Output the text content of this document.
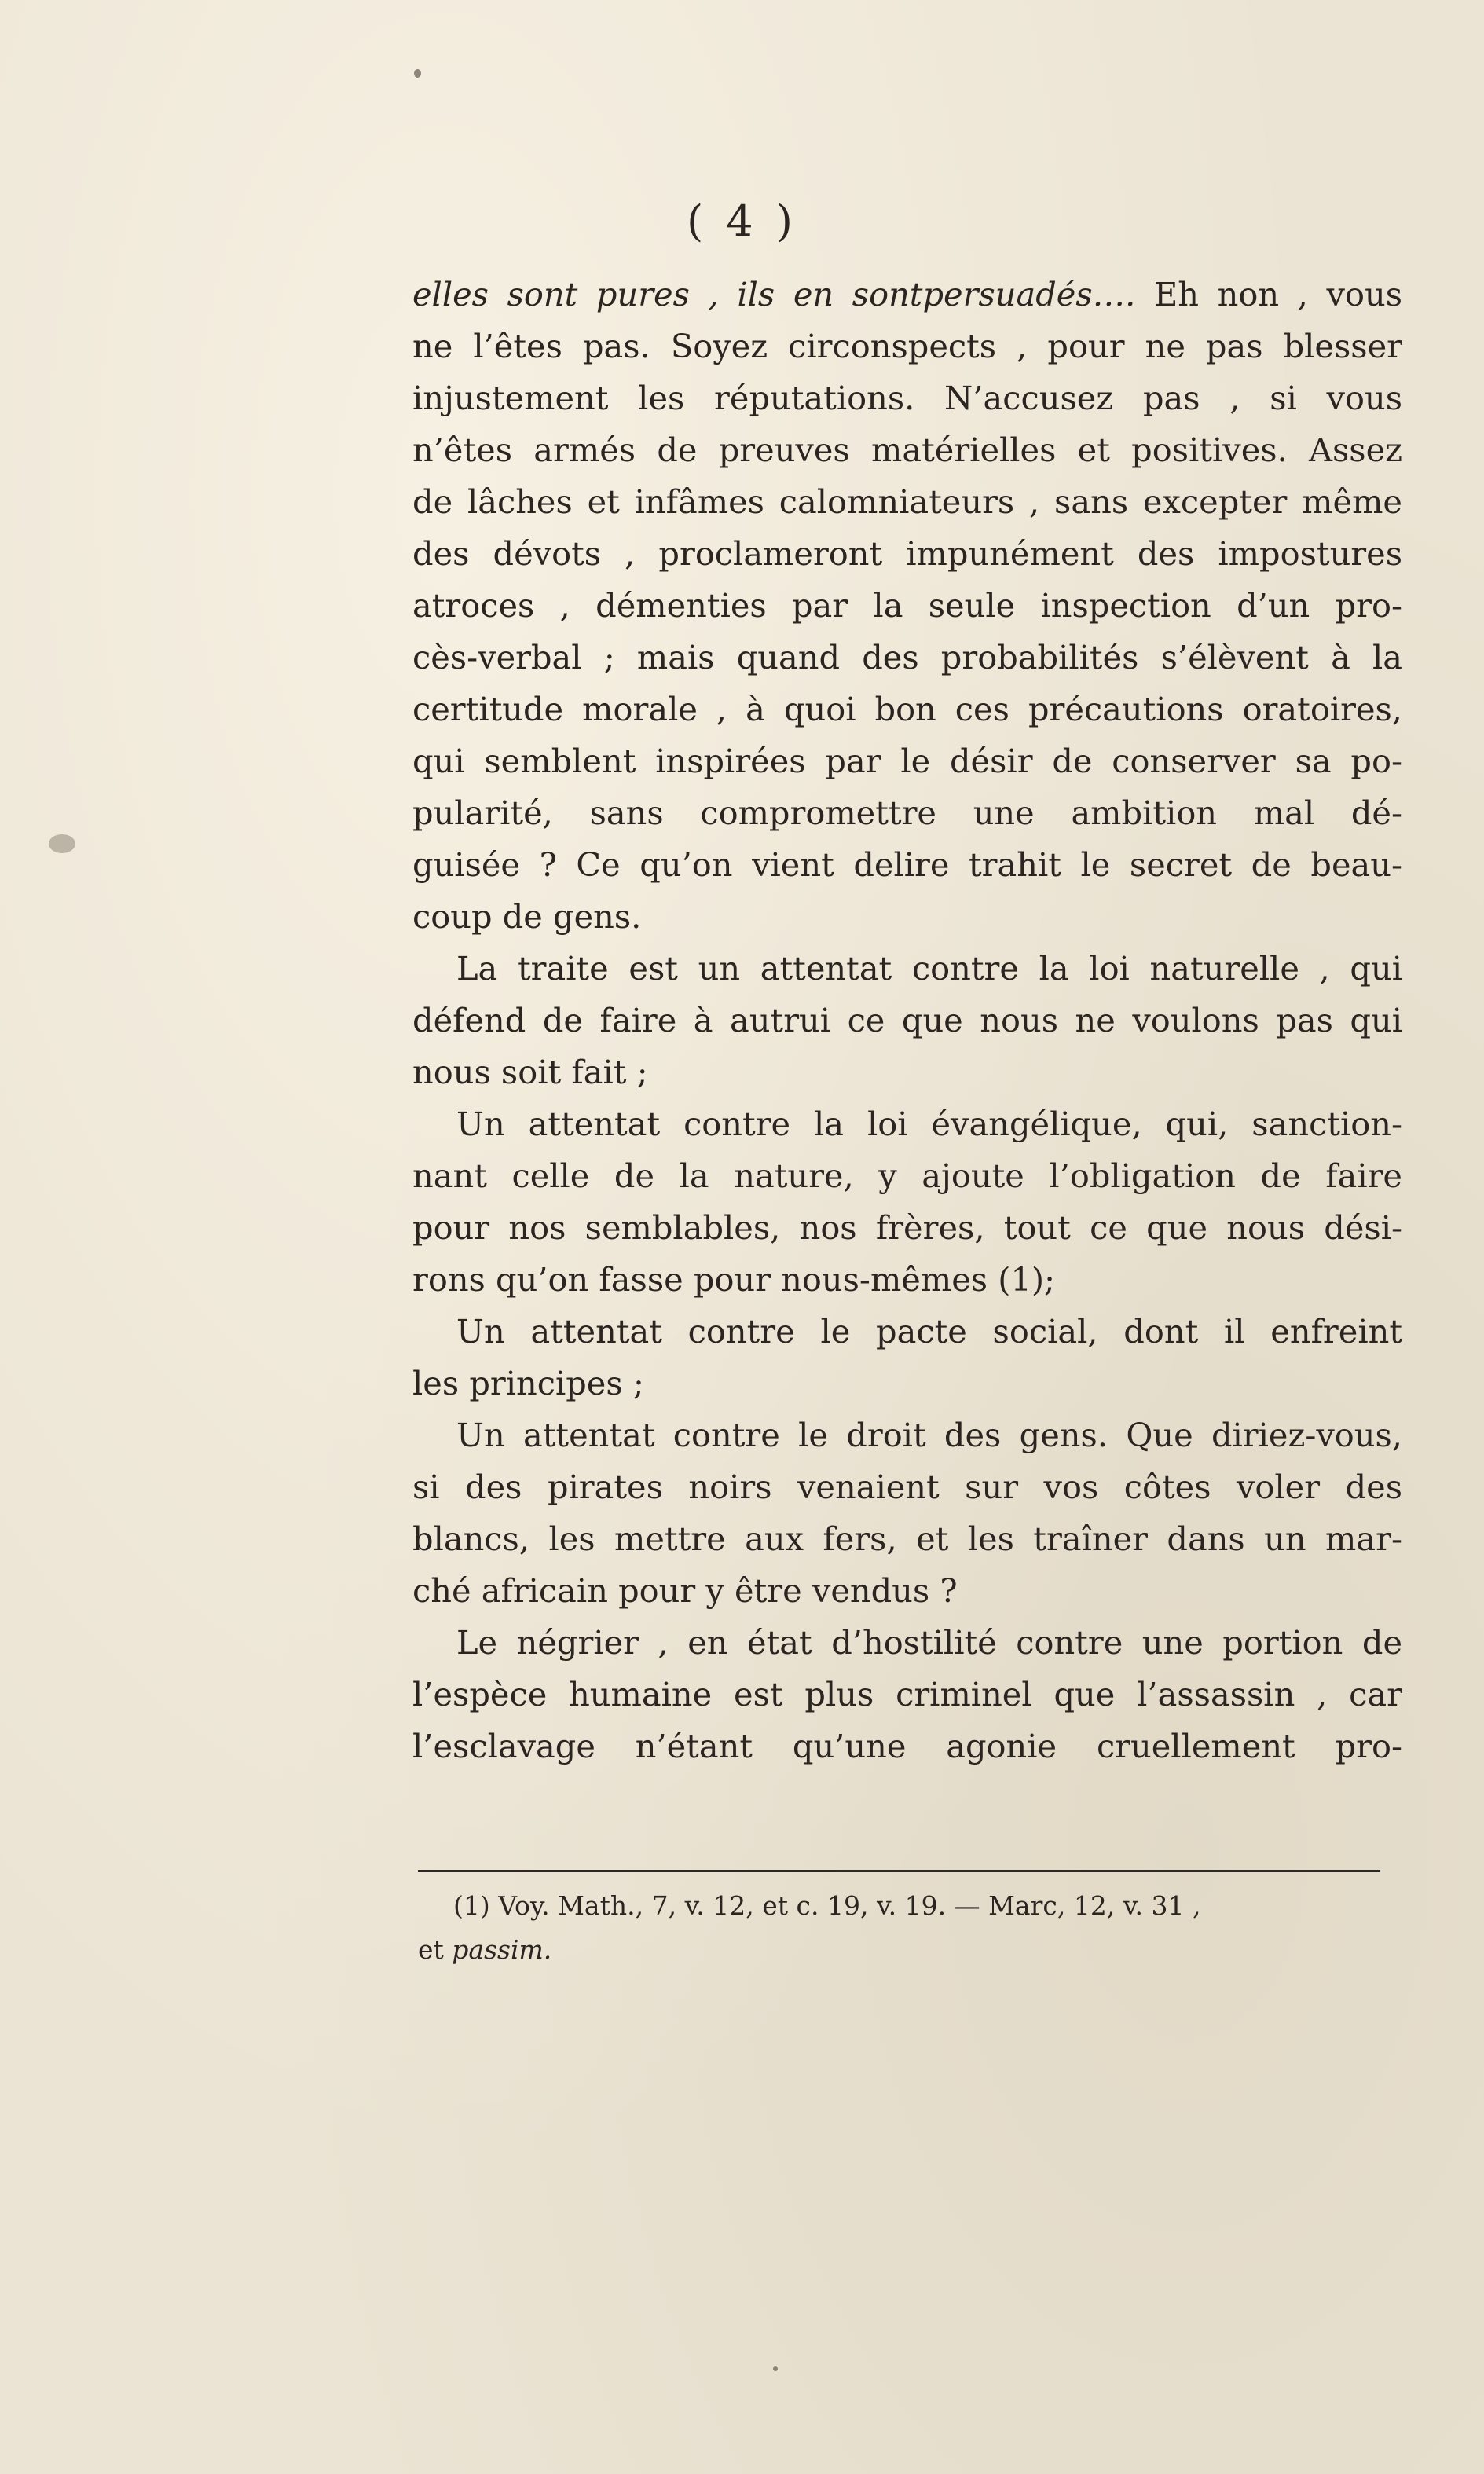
( 4 )
elles sont pures , ils en sontpersuadés…. Eh non , vous
ne l’êtes pas. Soyez circonspects , pour ne pas blesser
injustement les réputations. N’accusez pas , si vous
n’êtes armés de preuves matérielles et positives. Assez
de lâches et infâmes calomniateurs , sans excepter même
des dévots , proclameront impunément des impostures
atroces , démenties par la seule inspection d’un pro-
cès-verbal ; mais quand des probabilités s’élèvent à la
certitude morale , à quoi bon ces précautions oratoires,
qui semblent inspirées par le désir de conserver sa po-
pularité, sans compromettre une ambition mal dé-
guisée ? Ce qu’on vient delire trahit le secret de beau-
coup de gens.
La traite est un attentat contre la loi naturelle , qui
défend de faire à autrui ce que nous ne voulons pas qui
nous soit fait ;
Un attentat contre la loi évangélique, qui, sanction-
nant celle de la nature, y ajoute l’obligation de faire
pour nos semblables, nos frères, tout ce que nous dési-
rons qu’on fasse pour nous-mêmes (1);
Un attentat contre le pacte social, dont il enfreint
les principes ;
Un attentat contre le droit des gens. Que diriez-vous,
si des pirates noirs venaient sur vos côtes voler des
blancs, les mettre aux fers, et les traîner dans un mar-
ché africain pour y être vendus ?
Le négrier , en état d’hostilité contre une portion de
l’espèce humaine est plus criminel que l’assassin , car
l’esclavage n’étant qu’une agonie cruellement pro-
(1) Voy. Math., 7, v. 12, et c. 19, v. 19. — Marc, 12, v. 31 ,
et passim.
